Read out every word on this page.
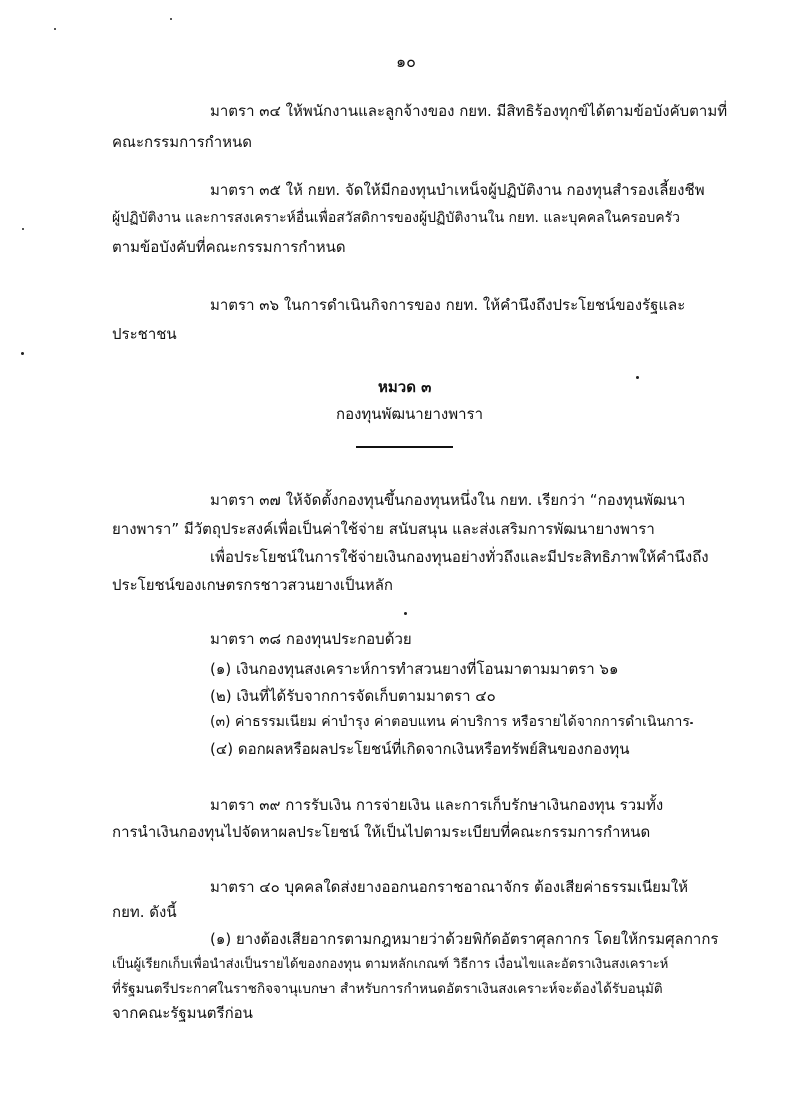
๑๐
มาตรา ๓๔ ให้พนักงานและลูกจ้างของ กยท. มีสิทธิร้องทุกข์ได้ตามข้อบังคับตามที่
คณะกรรมการกำหนด
มาตรา ๓๕ ให้ กยท. จัดให้มีกองทุนบำเหน็จผู้ปฏิบัติงาน กองทุนสำรองเลี้ยงชีพ
ผู้ปฏิบัติงาน และการสงเคราะห์อื่นเพื่อสวัสดิการของผู้ปฏิบัติงานใน กยท. และบุคคลในครอบครัว
ตามข้อบังคับที่คณะกรรมการกำหนด
มาตรา ๓๖ ในการดำเนินกิจการของ กยท. ให้คำนึงถึงประโยชน์ของรัฐและ
ประชาชน
หมวด ๓
กองทุนพัฒนายางพารา
มาตรา ๓๗ ให้จัดตั้งกองทุนขึ้นกองทุนหนึ่งใน กยท. เรียกว่า “กองทุนพัฒนา
ยางพารา” มีวัตถุประสงค์เพื่อเป็นค่าใช้จ่าย สนับสนุน และส่งเสริมการพัฒนายางพารา
เพื่อประโยชน์ในการใช้จ่ายเงินกองทุนอย่างทั่วถึงและมีประสิทธิภาพให้คำนึงถึง
ประโยชน์ของเกษตรกรชาวสวนยางเป็นหลัก
มาตรา ๓๘ กองทุนประกอบด้วย
(๑) เงินกองทุนสงเคราะห์การทำสวนยางที่โอนมาตามมาตรา ๖๑
(๒) เงินที่ได้รับจากการจัดเก็บตามมาตรา ๔๐
(๓) ค่าธรรมเนียม ค่าบำรุง ค่าตอบแทน ค่าบริการ หรือรายได้จากการดำเนินการ
(๔) ดอกผลหรือผลประโยชน์ที่เกิดจากเงินหรือทรัพย์สินของกองทุน
มาตรา ๓๙ การรับเงิน การจ่ายเงิน และการเก็บรักษาเงินกองทุน รวมทั้ง
การนำเงินกองทุนไปจัดหาผลประโยชน์ ให้เป็นไปตามระเบียบที่คณะกรรมการกำหนด
มาตรา ๔๐ บุคคลใดส่งยางออกนอกราชอาณาจักร ต้องเสียค่าธรรมเนียมให้
กยท. ดังนี้
(๑) ยางต้องเสียอากรตามกฎหมายว่าด้วยพิกัดอัตราศุลกากร โดยให้กรมศุลกากร
เป็นผู้เรียกเก็บเพื่อนำส่งเป็นรายได้ของกองทุน ตามหลักเกณฑ์ วิธีการ เงื่อนไขและอัตราเงินสงเคราะห์
ที่รัฐมนตรีประกาศในราชกิจจานุเบกษา สำหรับการกำหนดอัตราเงินสงเคราะห์จะต้องได้รับอนุมัติ
จากคณะรัฐมนตรีก่อน
